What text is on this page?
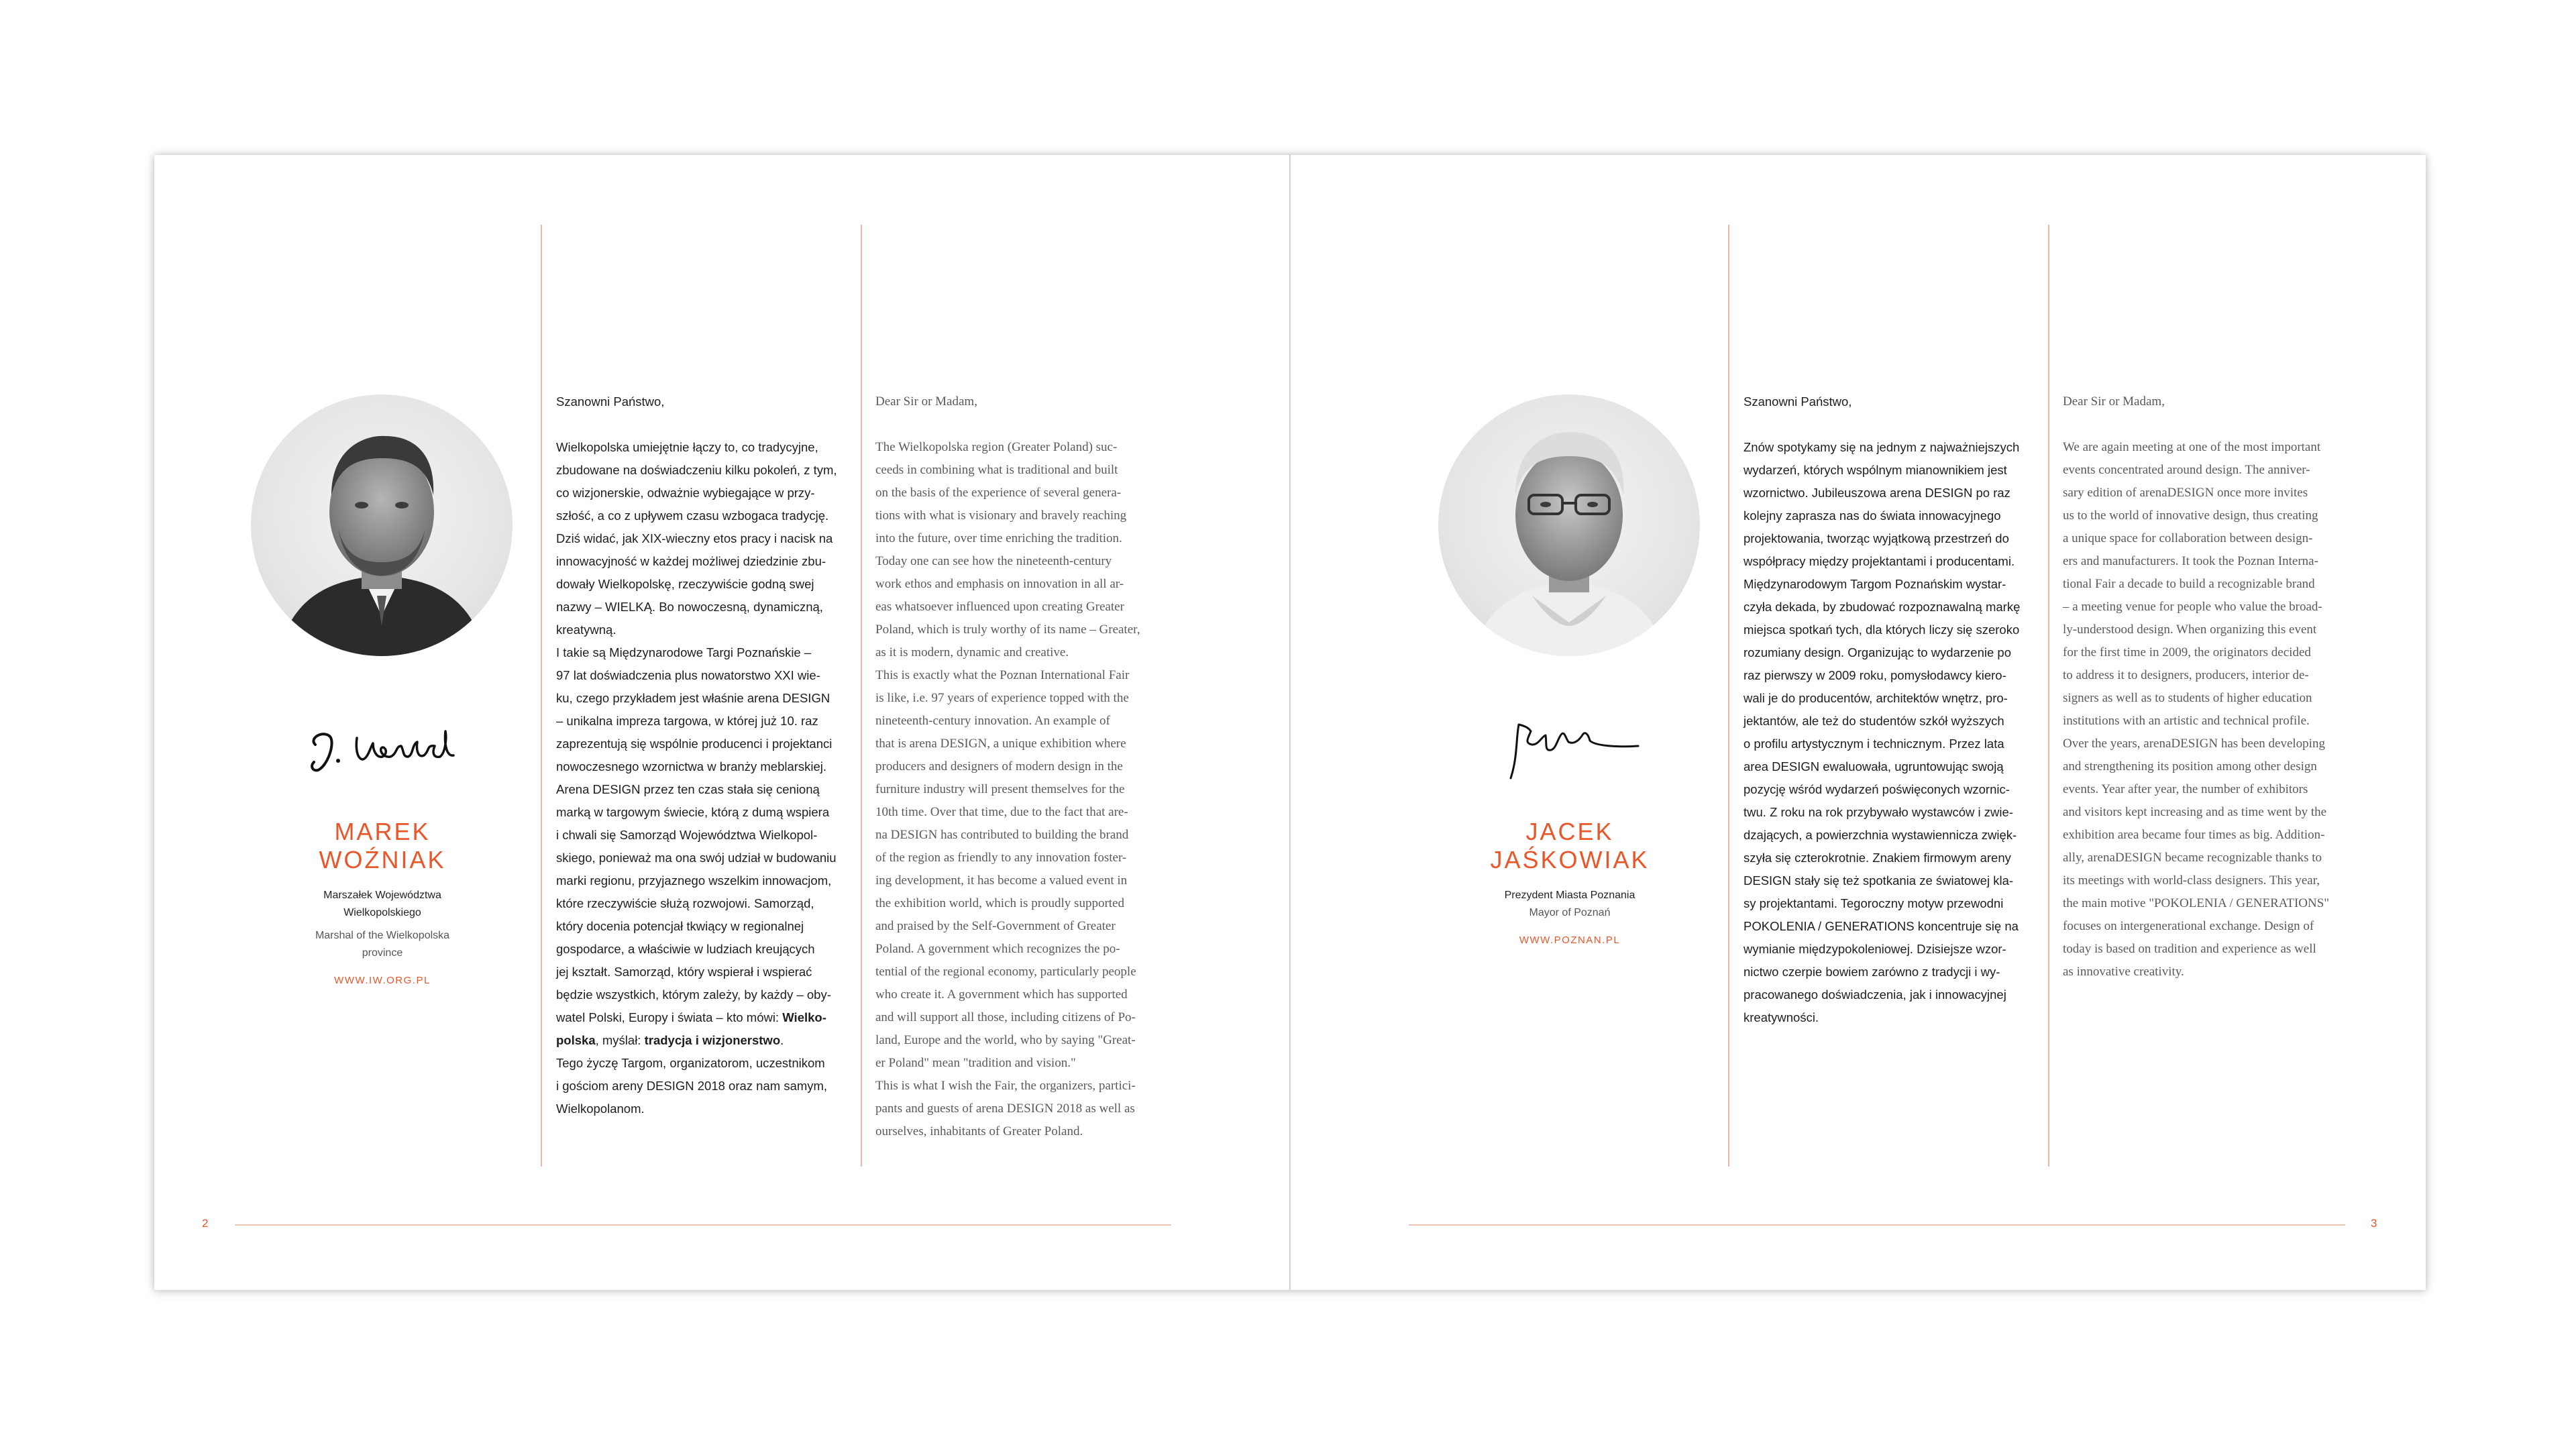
MAREK
WOŹNIAK
Marszałek Województwa
Wielkopolskiego
Marshal of the Wielkopolska
province
WWW.IW.ORG.PL
Szanowni Państwo,
Wielkopolska umiejętnie łączy to, co tradycyjne,
zbudowane na doświadczeniu kilku pokoleń, z tym,
co wizjonerskie, odważnie wybiegające w przy-
szłość, a co z upływem czasu wzbogaca tradycję.
Dziś widać, jak XIX-wieczny etos pracy i nacisk na
innowacyjność w każdej możliwej dziedzinie zbu-
dowały Wielkopolskę, rzeczywiście godną swej
nazwy – WIELKĄ. Bo nowoczesną, dynamiczną,
kreatywną.
I takie są Międzynarodowe Targi Poznańskie –
97 lat doświadczenia plus nowatorstwo XXI wie-
ku, czego przykładem jest właśnie arena DESIGN
– unikalna impreza targowa, w której już 10. raz
zaprezentują się wspólnie producenci i projektanci
nowoczesnego wzornictwa w branży meblarskiej.
Arena DESIGN przez ten czas stała się cenioną
marką w targowym świecie, którą z dumą wspiera
i chwali się Samorząd Województwa Wielkopol-
skiego, ponieważ ma ona swój udział w budowaniu
marki regionu, przyjaznego wszelkim innowacjom,
które rzeczywiście służą rozwojowi. Samorząd,
który docenia potencjał tkwiący w regionalnej
gospodarce, a właściwie w ludziach kreujących
jej kształt. Samorząd, który wspierał i wspierać
będzie wszystkich, którym zależy, by każdy – oby-
watel Polski, Europy i świata – kto mówi: Wielko-
polska, myślał: tradycja i wizjonerstwo.
Tego życzę Targom, organizatorom, uczestnikom
i gościom areny DESIGN 2018 oraz nam samym,
Wielkopolanom.
Dear Sir or Madam,
The Wielkopolska region (Greater Poland) suc-
ceeds in combining what is traditional and built
on the basis of the experience of several genera-
tions with what is visionary and bravely reaching
into the future, over time enriching the tradition.
Today one can see how the nineteenth-century
work ethos and emphasis on innovation in all ar-
eas whatsoever influenced upon creating Greater
Poland, which is truly worthy of its name – Greater,
as it is modern, dynamic and creative.
This is exactly what the Poznan International Fair
is like, i.e. 97 years of experience topped with the
nineteenth-century innovation. An example of
that is arena DESIGN, a unique exhibition where
producers and designers of modern design in the
furniture industry will present themselves for the
10th time. Over that time, due to the fact that are-
na DESIGN has contributed to building the brand
of the region as friendly to any innovation foster-
ing development, it has become a valued event in
the exhibition world, which is proudly supported
and praised by the Self-Government of Greater
Poland. A government which recognizes the po-
tential of the regional economy, particularly people
who create it. A government which has supported
and will support all those, including citizens of Po-
land, Europe and the world, who by saying "Great-
er Poland" mean "tradition and vision."
This is what I wish the Fair, the organizers, partici-
pants and guests of arena DESIGN 2018 as well as
ourselves, inhabitants of Greater Poland.
2
JACEK
JAŚKOWIAK
Prezydent Miasta Poznania
Mayor of Poznań
WWW.POZNAN.PL
Szanowni Państwo,
Znów spotykamy się na jednym z najważniejszych
wydarzeń, których wspólnym mianownikiem jest
wzornictwo. Jubileuszowa arena DESIGN po raz
kolejny zaprasza nas do świata innowacyjnego
projektowania, tworząc wyjątkową przestrzeń do
współpracy między projektantami i producentami.
Międzynarodowym Targom Poznańskim wystar-
czyła dekada, by zbudować rozpoznawalną markę
miejsca spotkań tych, dla których liczy się szeroko
rozumiany design. Organizując to wydarzenie po
raz pierwszy w 2009 roku, pomysłodawcy kiero-
wali je do producentów, architektów wnętrz, pro-
jektantów, ale też do studentów szkół wyższych
o profilu artystycznym i technicznym. Przez lata
area DESIGN ewaluowała, ugruntowując swoją
pozycję wśród wydarzeń poświęconych wzornic-
twu. Z roku na rok przybywało wystawców i zwie-
dzających, a powierzchnia wystawiennicza zwięk-
szyła się czterokrotnie. Znakiem firmowym areny
DESIGN stały się też spotkania ze światowej kla-
sy projektantami. Tegoroczny motyw przewodni
POKOLENIA / GENERATIONS koncentruje się na
wymianie międzypokoleniowej. Dzisiejsze wzor-
nictwo czerpie bowiem zarówno z tradycji i wy-
pracowanego doświadczenia, jak i innowacyjnej
kreatywności.
Dear Sir or Madam,
We are again meeting at one of the most important
events concentrated around design. The anniver-
sary edition of arenaDESIGN once more invites
us to the world of innovative design, thus creating
a unique space for collaboration between design-
ers and manufacturers. It took the Poznan Interna-
tional Fair a decade to build a recognizable brand
– a meeting venue for people who value the broad-
ly-understood design. When organizing this event
for the first time in 2009, the originators decided
to address it to designers, producers, interior de-
signers as well as to students of higher education
institutions with an artistic and technical profile.
Over the years, arenaDESIGN has been developing
and strengthening its position among other design
events. Year after year, the number of exhibitors
and visitors kept increasing and as time went by the
exhibition area became four times as big. Addition-
ally, arenaDESIGN became recognizable thanks to
its meetings with world-class designers. This year,
the main motive "POKOLENIA / GENERATIONS"
focuses on intergenerational exchange. Design of
today is based on tradition and experience as well
as innovative creativity.
3
